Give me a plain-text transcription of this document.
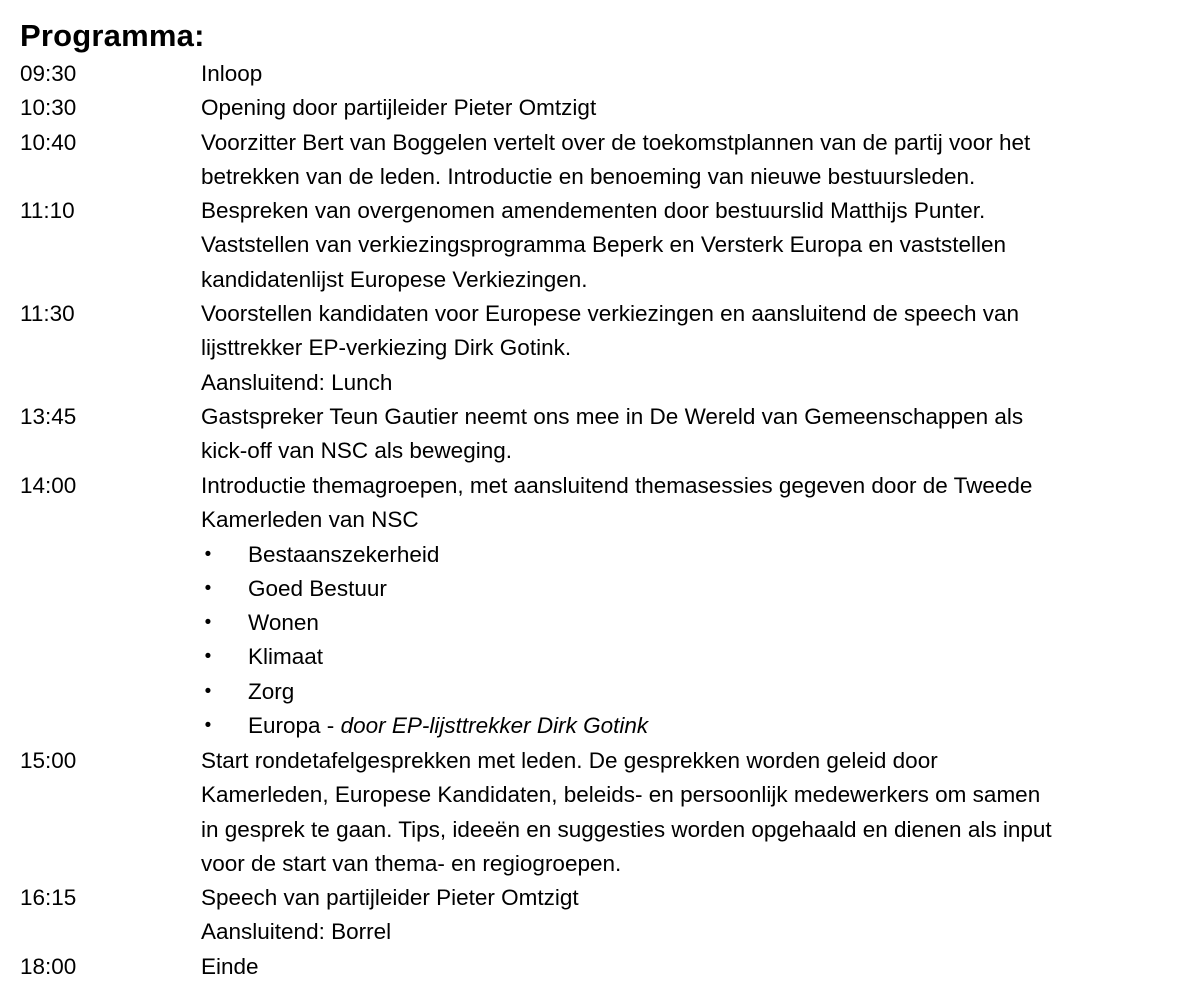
Programma:
09:30	Inloop
10:30	Opening door partijleider Pieter Omtzigt
10:40	Voorzitter Bert van Boggelen vertelt over de toekomstplannen van de partij voor het
betrekken van de leden. Introductie en benoeming van nieuwe bestuursleden.
11:10	Bespreken van overgenomen amendementen door bestuurslid Matthijs Punter.
Vaststellen van verkiezingsprogramma Beperk en Versterk Europa en vaststellen
kandidatenlijst Europese Verkiezingen.
11:30	Voorstellen kandidaten voor Europese verkiezingen en aansluitend de speech van
lijsttrekker EP-verkiezing Dirk Gotink.
Aansluitend: Lunch
13:45	Gastspreker Teun Gautier neemt ons mee in De Wereld van Gemeenschappen als
kick-off van NSC als beweging.
14:00	Introductie themagroepen, met aansluitend themasessies gegeven door de Tweede
Kamerleden van NSC
• Bestaanszekerheid
• Goed Bestuur
• Wonen
• Klimaat
• Zorg
• Europa - door EP-lijsttrekker Dirk Gotink
15:00	Start rondetafelgesprekken met leden. De gesprekken worden geleid door
Kamerleden, Europese Kandidaten, beleids- en persoonlijk medewerkers om samen
in gesprek te gaan. Tips, ideeën en suggesties worden opgehaald en dienen als input
voor de start van thema- en regiogroepen.
16:15	Speech van partijleider Pieter Omtzigt
Aansluitend: Borrel
18:00	Einde
